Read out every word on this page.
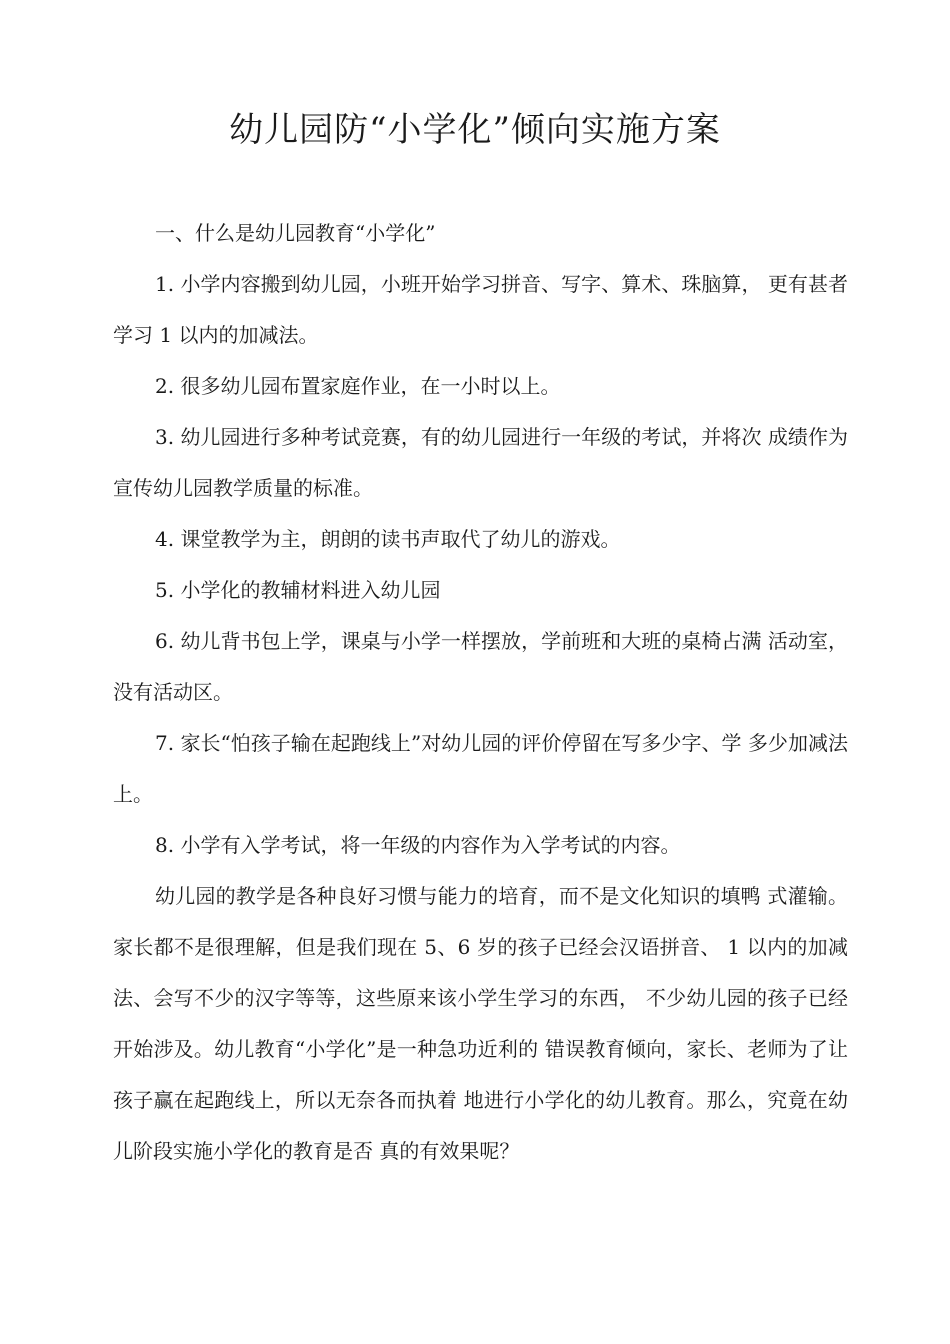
幼儿园防“小学化”倾向实施方案

一、什么是幼儿园教育“小学化”

1. 小学内容搬到幼儿园，小班开始学习拼音、写字、算术、珠脑算， 更有甚者学习 1 以内的加减法。

2. 很多幼儿园布置家庭作业，在一小时以上。

3. 幼儿园进行多种考试竞赛，有的幼儿园进行一年级的考试，并将次 成绩作为宣传幼儿园教学质量的标准。

4. 课堂教学为主，朗朗的读书声取代了幼儿的游戏。

5. 小学化的教辅材料进入幼儿园

6. 幼儿背书包上学，课桌与小学一样摆放，学前班和大班的桌椅占满 活动室，没有活动区。

7. 家长“怕孩子输在起跑线上”对幼儿园的评价停留在写多少字、学 多少加减法上。

8. 小学有入学考试，将一年级的内容作为入学考试的内容。

幼儿园的教学是各种良好习惯与能力的培育，而不是文化知识的填鸭 式灌输。家长都不是很理解，但是我们现在 5、6 岁的孩子已经会汉语拼音、 1 以内的加减法、会写不少的汉字等等，这些原来该小学生学习的东西， 不少幼儿园的孩子已经开始涉及。幼儿教育“小学化”是一种急功近利的 错误教育倾向，家长、老师为了让孩子赢在起跑线上，所以无奈各而执着 地进行小学化的幼儿教育。那么，究竟在幼儿阶段实施小学化的教育是否 真的有效果呢？
